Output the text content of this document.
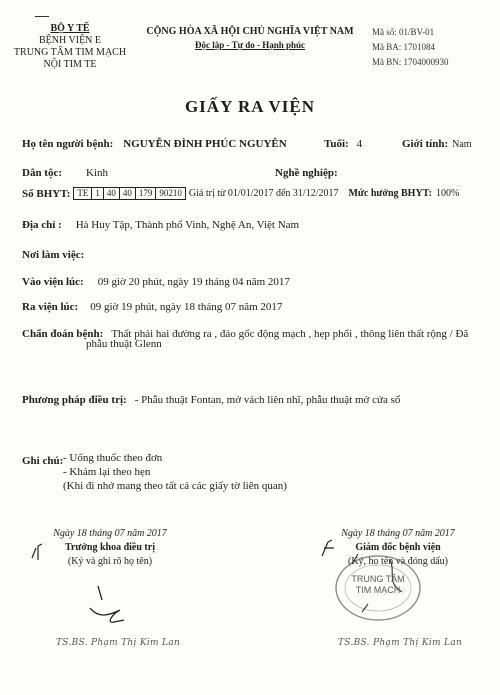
BỘ Y TẾ
BỆNH VIỆN E
TRUNG TÂM TIM MẠCH
NỘI TIM TE
CỘNG HÒA XÃ HỘI CHỦ NGHĨA VIỆT NAM
Độc lập - Tự do - Hạnh phúc
Mã số: 01/BV-01
Mã BA: 1701084
Mã BN: 1704000930
GIẤY RA VIỆN
Họ tên người bệnh: NGUYỄN ĐÌNH PHÚC NGUYÊN	Tuổi: 4	Giới tính: Nam
Dân tộc: Kinh	Nghề nghiệp:
Số BHYT: TE 1 40 40 179 90210 Giá trị từ 01/01/2017 đến 31/12/2017 Mức hưởng BHYT: 100%
Địa chỉ : Hà Huy Tập, Thành phố Vinh, Nghệ An, Việt Nam
Nơi làm việc:
Vào viện lúc: 09 giờ 20 phút, ngày 19 tháng 04 năm 2017
Ra viện lúc: 09 giờ 19 phút, ngày 18 tháng 07 năm 2017
Chẩn đoán bệnh: Thất phải hai đường ra , đảo gốc động mạch , hẹp phổi , thông liên thất rộng / Đã
phẫu thuật Glenn
Phương pháp điều trị: - Phẫu thuật Fontan, mở vách liên nhĩ, phẫu thuật mở cửa sổ
Ghi chú: - Uống thuốc theo đơn
- Khám lại theo hẹn
(Khi đi nhớ mang theo tất cả các giấy tờ liên quan)
Ngày 18 tháng 07 năm 2017
Trưởng khoa điều trị
(Ký và ghi rõ họ tên)
TS.BS. Phạm Thị Kim Lan
Ngày 18 tháng 07 năm 2017
Giám đốc bệnh viện
(Ký, họ tên và đóng dấu)
TRUNG TÂM
TIM MẠCH
TS.BS. Phạm Thị Kim Lan
